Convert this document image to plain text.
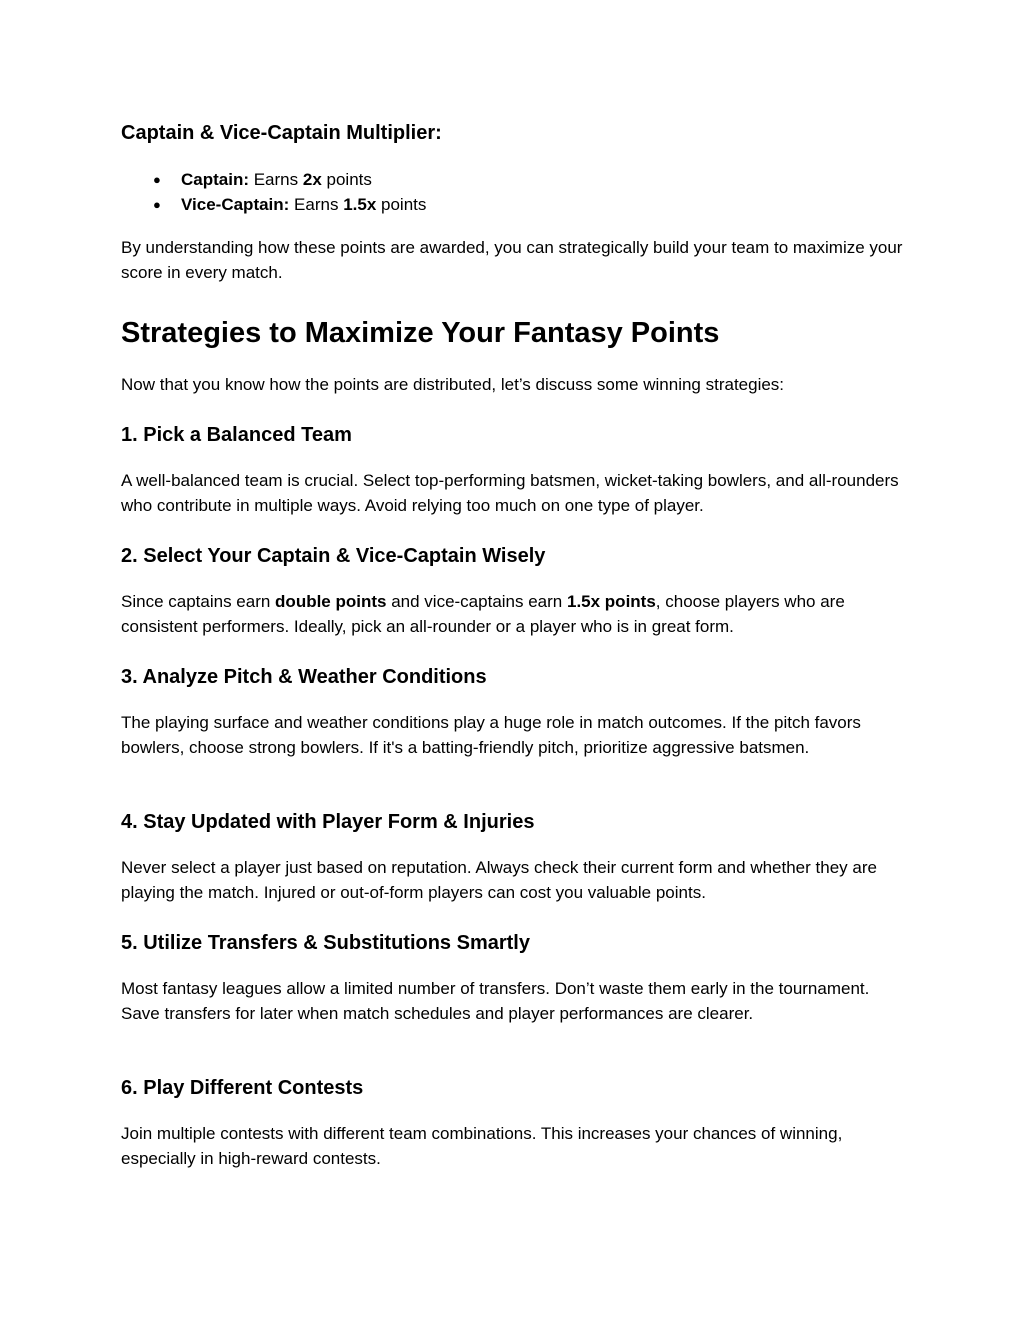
Captain & Vice-Captain Multiplier:
● Captain: Earns 2x points
● Vice-Captain: Earns 1.5x points
By understanding how these points are awarded, you can strategically build your team to maximize your score in every match.
Strategies to Maximize Your Fantasy Points
Now that you know how the points are distributed, let’s discuss some winning strategies:
1. Pick a Balanced Team
A well-balanced team is crucial. Select top-performing batsmen, wicket-taking bowlers, and all-rounders who contribute in multiple ways. Avoid relying too much on one type of player.
2. Select Your Captain & Vice-Captain Wisely
Since captains earn double points and vice-captains earn 1.5x points, choose players who are consistent performers. Ideally, pick an all-rounder or a player who is in great form.
3. Analyze Pitch & Weather Conditions
The playing surface and weather conditions play a huge role in match outcomes. If the pitch favors bowlers, choose strong bowlers. If it's a batting-friendly pitch, prioritize aggressive batsmen.
4. Stay Updated with Player Form & Injuries
Never select a player just based on reputation. Always check their current form and whether they are playing the match. Injured or out-of-form players can cost you valuable points.
5. Utilize Transfers & Substitutions Smartly
Most fantasy leagues allow a limited number of transfers. Don’t waste them early in the tournament. Save transfers for later when match schedules and player performances are clearer.
6. Play Different Contests
Join multiple contests with different team combinations. This increases your chances of winning, especially in high-reward contests.
